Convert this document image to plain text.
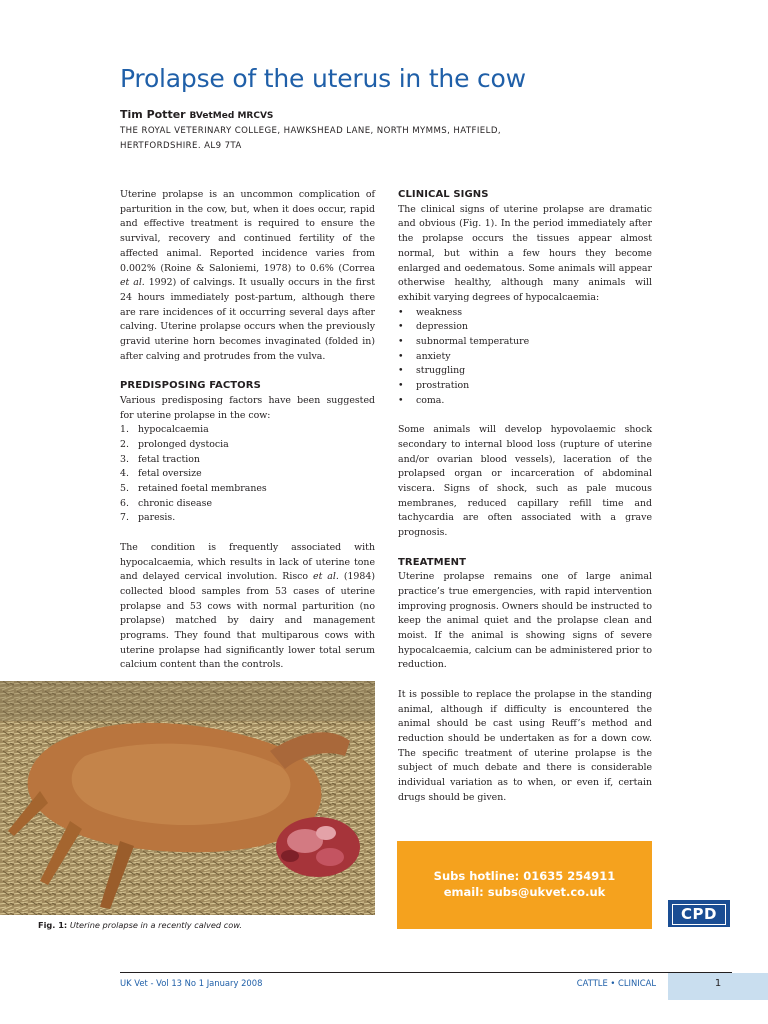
Prolapse of the uterus in the cow
Tim Potter BVetMed MRCVS
THE ROYAL VETERINARY COLLEGE, HAWKSHEAD LANE, NORTH MYMMS, HATFIELD,
HERTFORDSHIRE. AL9 7TA

Uterine prolapse is an uncommon complication of parturition in the cow, but, when it does occur, rapid and effective treatment is required to ensure the survival, recovery and continued fertility of the affected animal. Reported incidence varies from 0.002% (Roine & Saloniemi, 1978) to 0.6% (Correa et al. 1992) of calvings. It usually occurs in the first 24 hours immediately post-partum, although there are rare incidences of it occurring several days after calving. Uterine prolapse occurs when the previously gravid uterine horn becomes invaginated (folded in) after calving and protrudes from the vulva.

PREDISPOSING FACTORS

Various predisposing factors have been suggested for uterine prolapse in the cow:

1. hypocalcaemia
2. prolonged dystocia
3. fetal traction
4. fetal oversize
5. retained foetal membranes
6. chronic disease
7. paresis.

The condition is frequently associated with hypocalcaemia, which results in lack of uterine tone and delayed cervical involution. Risco et al. (1984) collected blood samples from 53 cases of uterine prolapse and 53 cows with normal parturition (no prolapse) matched by dairy and management programs. They found that multiparous cows with uterine prolapse had significantly lower total serum calcium content than the controls.

CLINICAL SIGNS

The clinical signs of uterine prolapse are dramatic and obvious (Fig. 1). In the period immediately after the prolapse occurs the tissues appear almost normal, but within a few hours they become enlarged and oedematous. Some animals will appear otherwise healthy, although many animals will exhibit varying degrees of hypocalcaemia:

• weakness
• depression
• subnormal temperature
• anxiety
• struggling
• prostration
• coma.

Some animals will develop hypovolaemic shock secondary to internal blood loss (rupture of uterine and/or ovarian blood vessels), laceration of the prolapsed organ or incarceration of abdominal viscera. Signs of shock, such as pale mucous membranes, reduced capillary refill time and tachycardia are often associated with a grave prognosis.

TREATMENT

Uterine prolapse remains one of large animal practice’s true emergencies, with rapid intervention improving prognosis. Owners should be instructed to keep the animal quiet and the prolapse clean and moist. If the animal is showing signs of severe hypocalcaemia, calcium can be administered prior to reduction.

It is possible to replace the prolapse in the standing animal, although if difficulty is encountered the animal should be cast using Reuff’s method and reduction should be undertaken as for a down cow. The specific treatment of uterine prolapse is the subject of much debate and there is considerable individual variation as to when, or even if, certain drugs should be given.

Fig. 1: Uterine prolapse in a recently calved cow.
Subs hotline: 01635 254911
email: subs@ukvet.co.uk
CPD
UK Vet - Vol 13 No 1 January 2008	CATTLE • CLINICAL	1
